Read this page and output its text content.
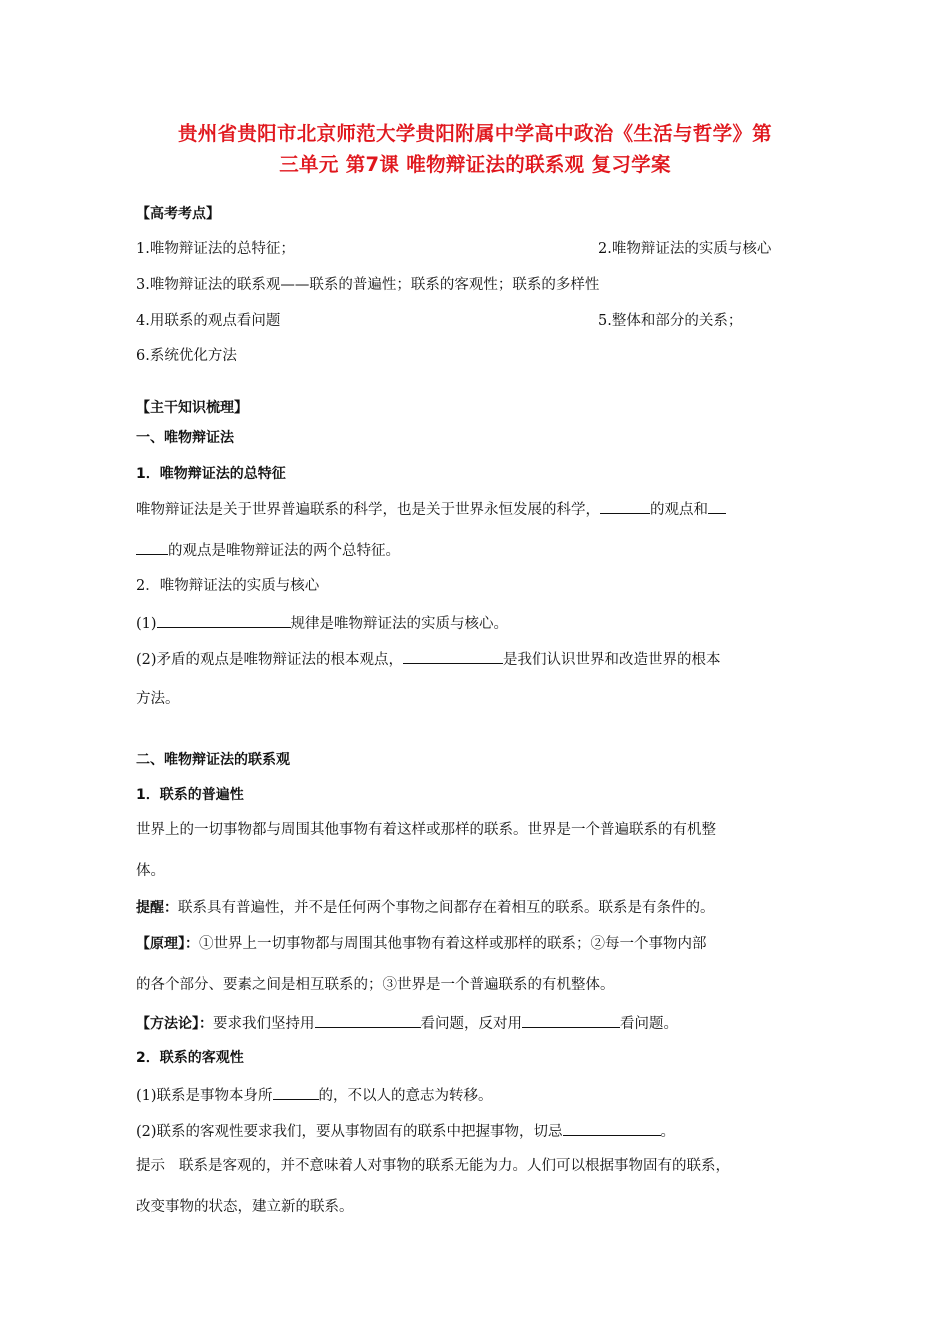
贵州省贵阳市北京师范大学贵阳附属中学高中政治《生活与哲学》第
三单元 第7课 唯物辩证法的联系观 复习学案
【高考考点】
1.唯物辩证法的总特征；	2.唯物辩证法的实质与核心
3.唯物辩证法的联系观——联系的普遍性；联系的客观性；联系的多样性
4.用联系的观点看问题	5.整体和部分的关系；
6.系统优化方法
【主干知识梳理】
一、唯物辩证法
1．唯物辩证法的总特征
唯物辩证法是关于世界普遍联系的科学，也是关于世界永恒发展的科学，	的观点和
的观点是唯物辩证法的两个总特征。
2．唯物辩证法的实质与核心
(1)	规律是唯物辩证法的实质与核心。
(2)矛盾的观点是唯物辩证法的根本观点，	是我们认识世界和改造世界的根本
方法。
二、唯物辩证法的联系观
1．联系的普遍性
世界上的一切事物都与周围其他事物有着这样或那样的联系。世界是一个普遍联系的有机整
体。
提醒：联系具有普遍性，并不是任何两个事物之间都存在着相互的联系。联系是有条件的。
【原理】：①世界上一切事物都与周围其他事物有着这样或那样的联系；②每一个事物内部
的各个部分、要素之间是相互联系的；③世界是一个普遍联系的有机整体。
【方法论】：要求我们坚持用	看问题，反对用	看问题。
2．联系的客观性
(1)联系是事物本身所	的，不以人的意志为转移。
(2)联系的客观性要求我们，要从事物固有的联系中把握事物，切忌	。
提示 联系是客观的，并不意味着人对事物的联系无能为力。人们可以根据事物固有的联系，
改变事物的状态，建立新的联系。
